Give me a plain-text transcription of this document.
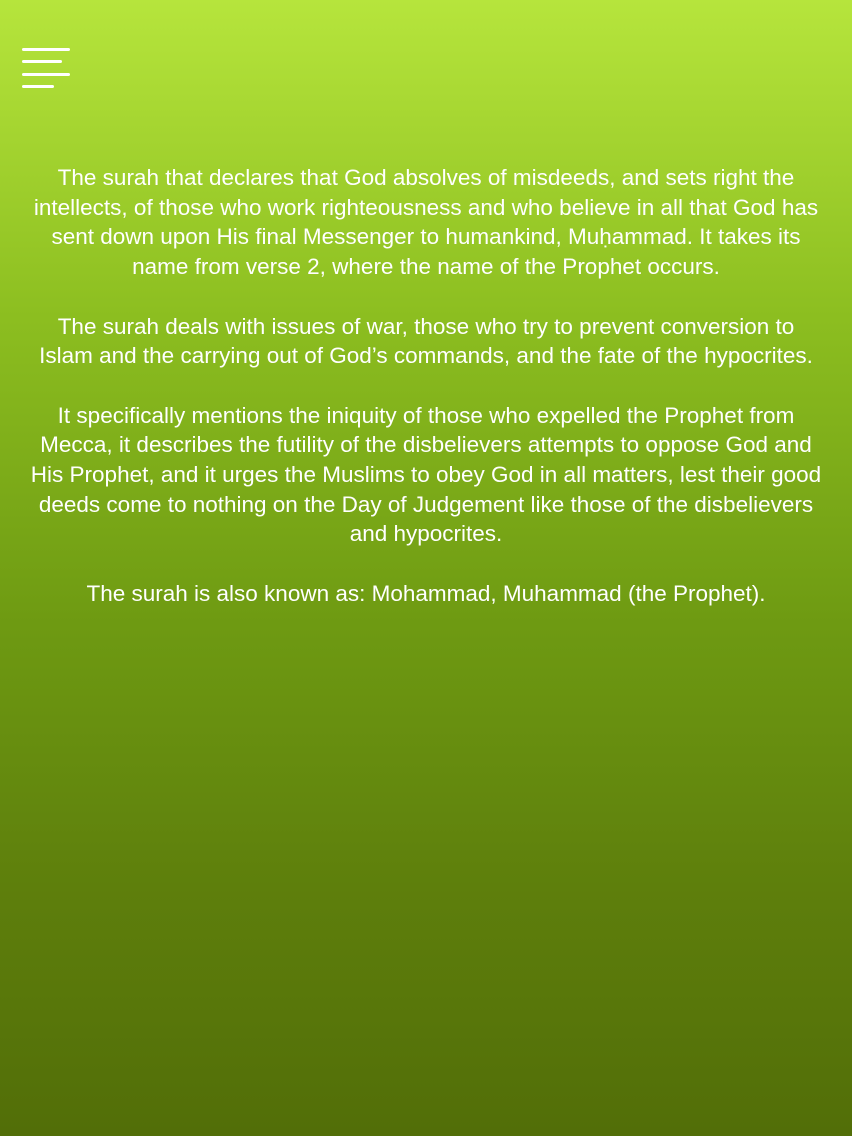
The surah that declares that God absolves of misdeeds, and sets right the intellects, of those who work righteousness and who believe in all that God has sent down upon His final Messenger to humankind, Muḥammad. It takes its name from verse 2, where the name of the Prophet occurs.

The surah deals with issues of war, those who try to prevent conversion to Islam and the carrying out of God’s commands, and the fate of the hypocrites.

It specifically mentions the iniquity of those who expelled the Prophet from Mecca, it describes the futility of the disbelievers attempts to oppose God and His Prophet, and it urges the Muslims to obey God in all matters, lest their good deeds come to nothing on the Day of Judgement like those of the disbelievers and hypocrites.

The surah is also known as: Mohammad, Muhammad (the Prophet).
